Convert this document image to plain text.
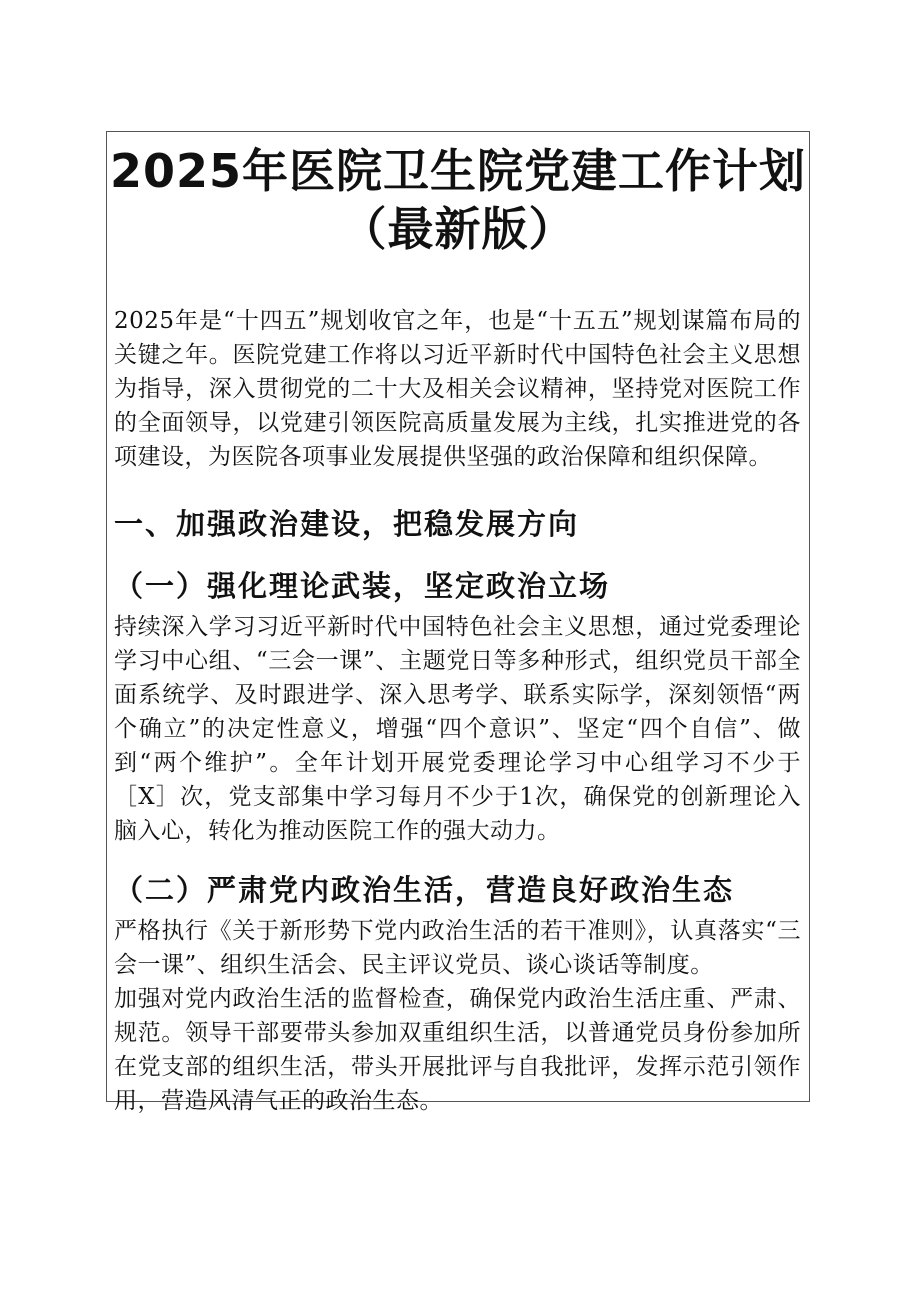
2025年医院卫生院党建工作计划
（最新版）

2025年是“十四五”规划收官之年，也是“十五五”规划谋篇布局的关键之年。医院党建工作将以习近平新时代中国特色社会主义思想为指导，深入贯彻党的二十大及相关会议精神，坚持党对医院工作的全面领导，以党建引领医院高质量发展为主线，扎实推进党的各项建设，为医院各项事业发展提供坚强的政治保障和组织保障。

一、加强政治建设，把稳发展方向
（一）强化理论武装，坚定政治立场

持续深入学习习近平新时代中国特色社会主义思想，通过党委理论学习中心组、“三会一课”、主题党日等多种形式，组织党员干部全面系统学、及时跟进学、深入思考学、联系实际学，深刻领悟“两个确立”的决定性意义，增强“四个意识”、坚定“四个自信”、做到“两个维护”。全年计划开展党委理论学习中心组学习不少于［X］次，党支部集中学习每月不少于1次，确保党的创新理论入脑入心，转化为推动医院工作的强大动力。

（二）严肃党内政治生活，营造良好政治生态

严格执行《关于新形势下党内政治生活的若干准则》，认真落实“三会一课”、组织生活会、民主评议党员、谈心谈话等制度。

加强对党内政治生活的监督检查，确保党内政治生活庄重、严肃、规范。领导干部要带头参加双重组织生活，以普通党员身份参加所在党支部的组织生活，带头开展批评与自我批评，发挥示范引领作用，营造风清气正的政治生态。
